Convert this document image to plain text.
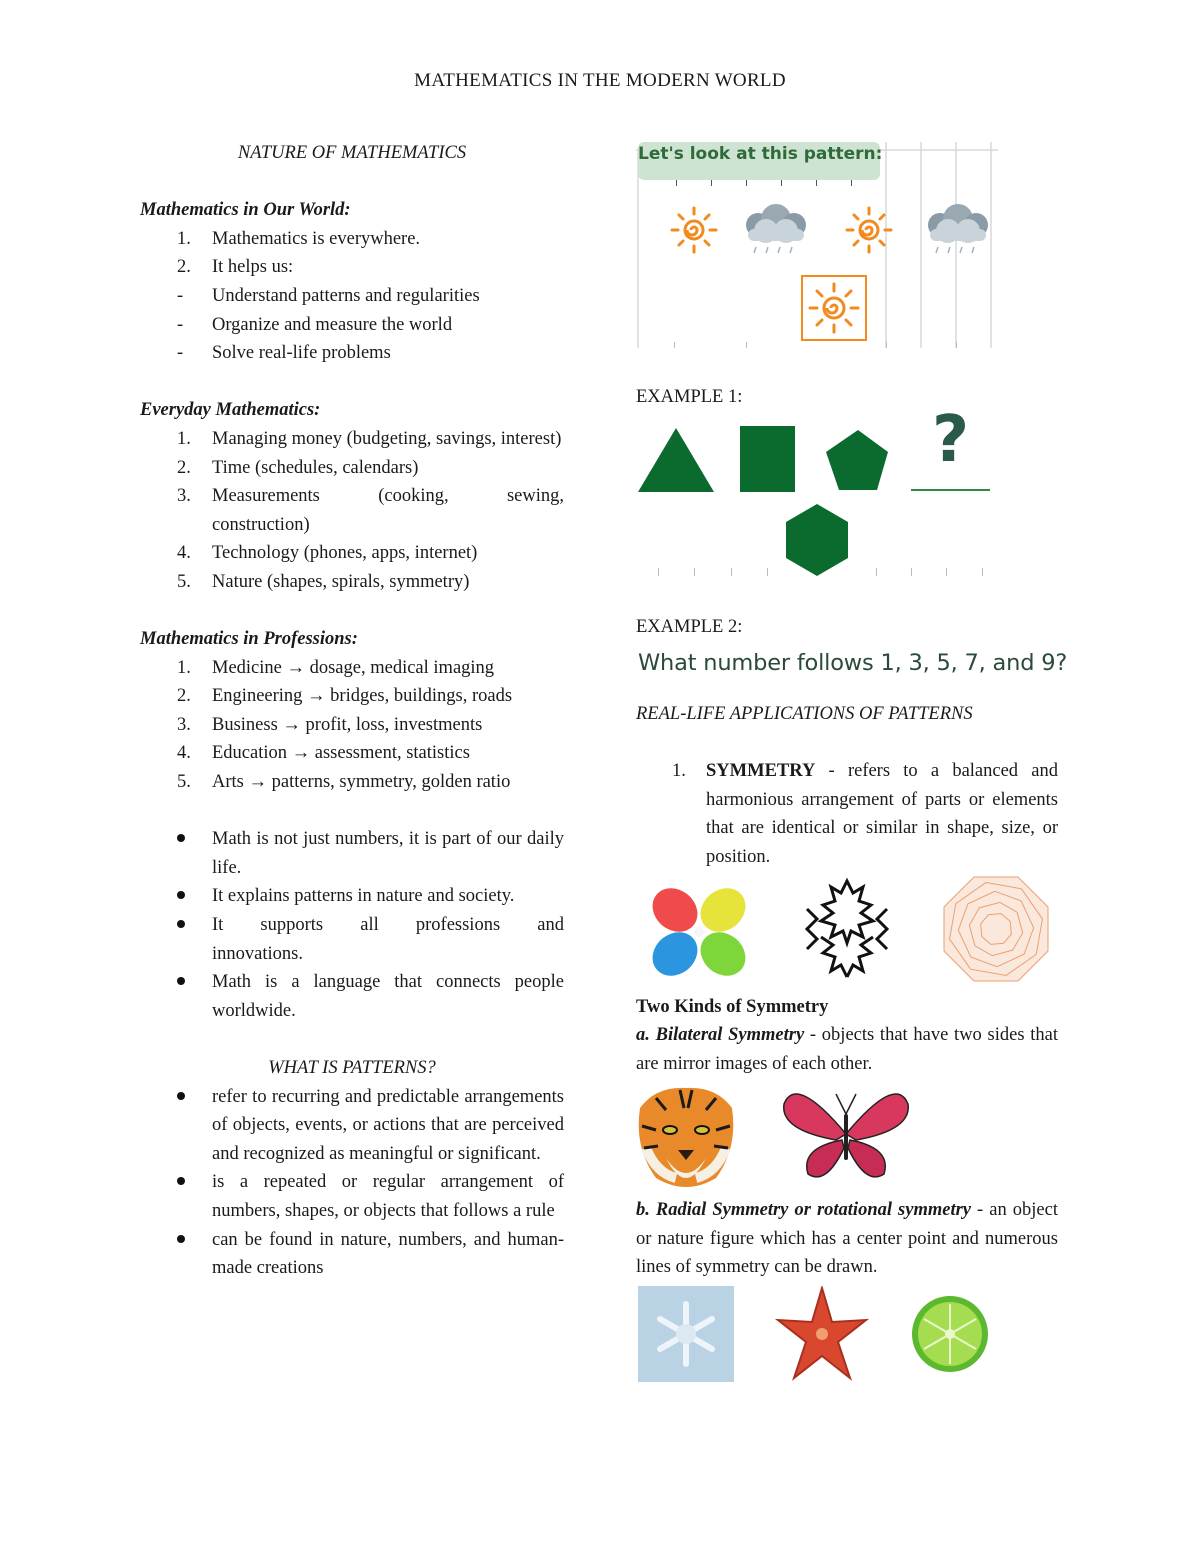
MATHEMATICS IN THE MODERN WORLD
NATURE OF MATHEMATICS
Mathematics in Our World:
1.	Mathematics is everywhere.
2.	It helps us:
-	Understand patterns and regularities
-	Organize and measure the world
-	Solve real-life problems
Everyday Mathematics:
1.	Managing money (budgeting, savings, interest)
2.	Time (schedules, calendars)
3.	Measurements (cooking, sewing, construction)
4.	Technology (phones, apps, internet)
5.	Nature (shapes, spirals, symmetry)
Mathematics in Professions:
1.	Medicine → dosage, medical imaging
2.	Engineering → bridges, buildings, roads
3.	Business → profit, loss, investments
4.	Education → assessment, statistics
5.	Arts → patterns, symmetry, golden ratio
Math is not just numbers, it is part of our daily life.
It explains patterns in nature and society.
It supports all professions and innovations.
Math is a language that connects people worldwide.
WHAT IS PATTERNS?
refer to recurring and predictable arrangements of objects, events, or actions that are perceived and recognized as meaningful or significant.
is a repeated or regular arrangement of numbers, shapes, or objects that follows a rule
can be found in nature, numbers, and human-made creations
Let's look at this pattern:
EXAMPLE 1:
?
EXAMPLE 2:
What number follows 1, 3, 5, 7, and 9?
REAL-LIFE APPLICATIONS OF PATTERNS
1. SYMMETRY - refers to a balanced and harmonious arrangement of parts or elements that are identical or similar in shape, size, or position.
Two Kinds of Symmetry
a. Bilateral Symmetry - objects that have two sides that are mirror images of each other.
b. Radial Symmetry or rotational symmetry - an object or nature figure which has a center point and numerous lines of symmetry can be drawn.
